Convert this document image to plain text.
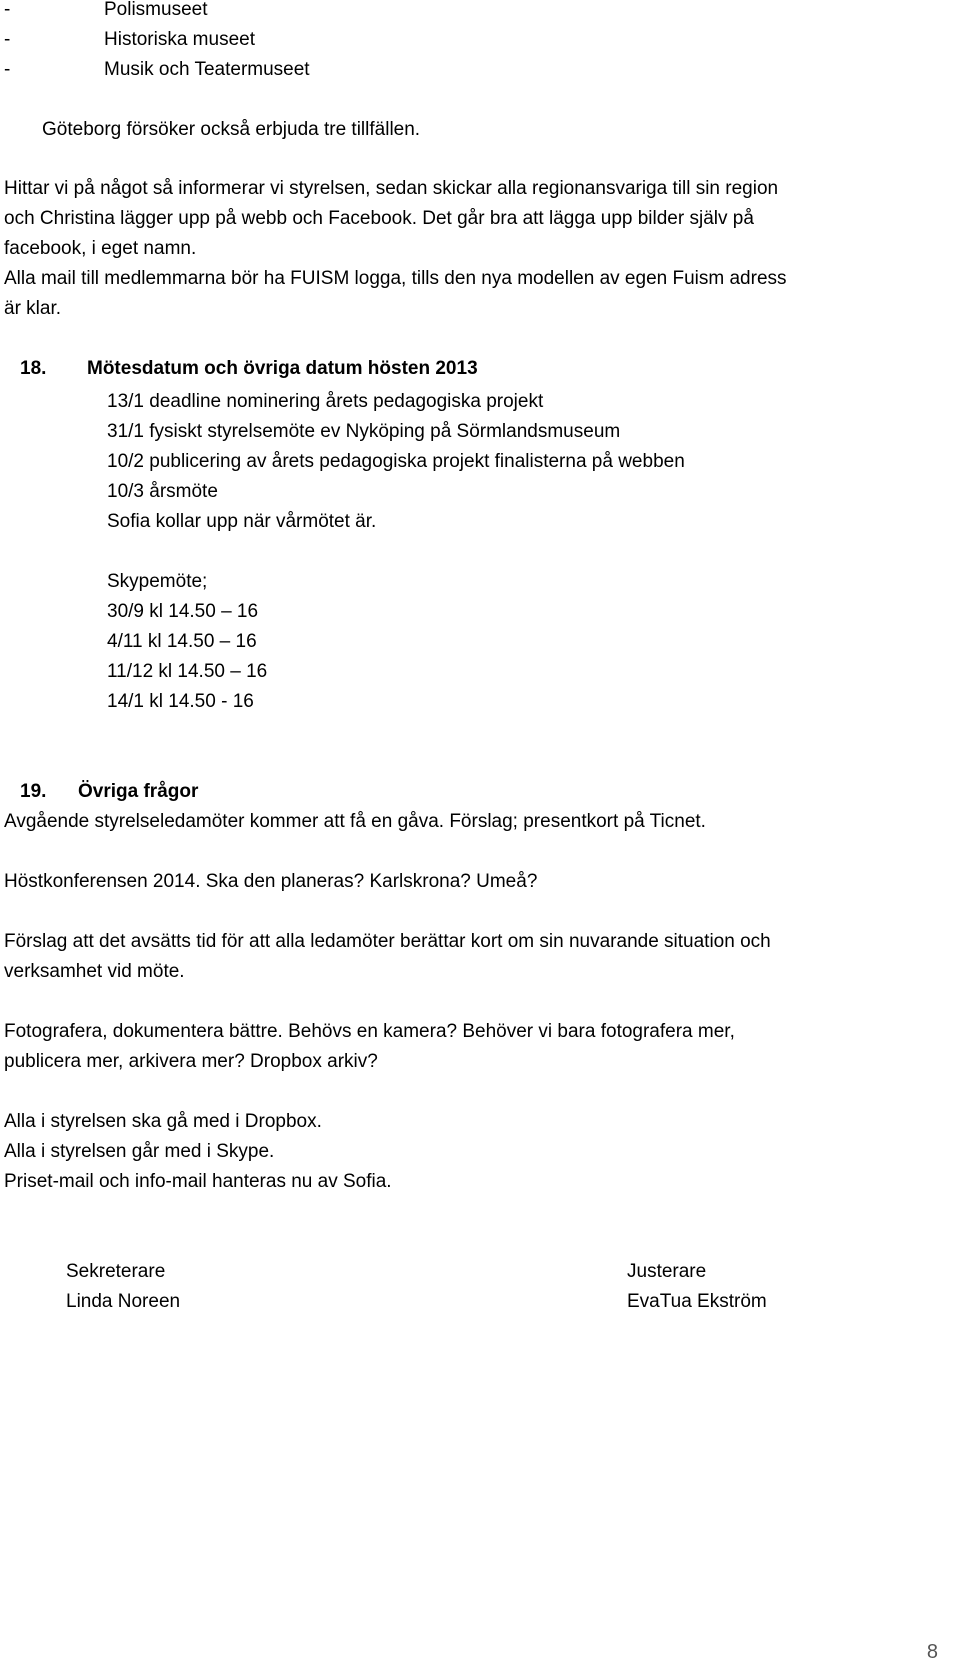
-	Polismuseet
-	Historiska museet
-	Musik och Teatermuseet
Göteborg försöker också erbjuda tre tillfällen.
Hittar vi på något så informerar vi styrelsen, sedan skickar alla regionansvariga till sin region
och Christina lägger upp på webb och Facebook. Det går bra att lägga upp bilder själv på
facebook, i eget namn.
Alla mail till medlemmarna bör ha FUISM logga, tills den nya modellen av egen Fuism adress
är klar.
18. Mötesdatum och övriga datum hösten 2013
13/1 deadline nominering årets pedagogiska projekt
31/1 fysiskt styrelsemöte ev Nyköping på Sörmlandsmuseum
10/2 publicering av årets pedagogiska projekt finalisterna på webben
10/3 årsmöte
Sofia kollar upp när vårmötet är.
Skypemöte;
30/9 kl 14.50 – 16
4/11 kl 14.50 – 16
11/12 kl 14.50 – 16
14/1 kl 14.50 - 16
19. Övriga frågor
Avgående styrelseledamöter kommer att få en gåva. Förslag; presentkort på Ticnet.
Höstkonferensen 2014. Ska den planeras? Karlskrona? Umeå?
Förslag att det avsätts tid för att alla ledamöter berättar kort om sin nuvarande situation och
verksamhet vid möte.
Fotografera, dokumentera bättre. Behövs en kamera? Behöver vi bara fotografera mer,
publicera mer, arkivera mer? Dropbox arkiv?
Alla i styrelsen ska gå med i Dropbox.
Alla i styrelsen går med i Skype.
Priset-mail och info-mail hanteras nu av Sofia.
Sekreterare
Linda Noreen
Justerare
EvaTua Ekström
8
